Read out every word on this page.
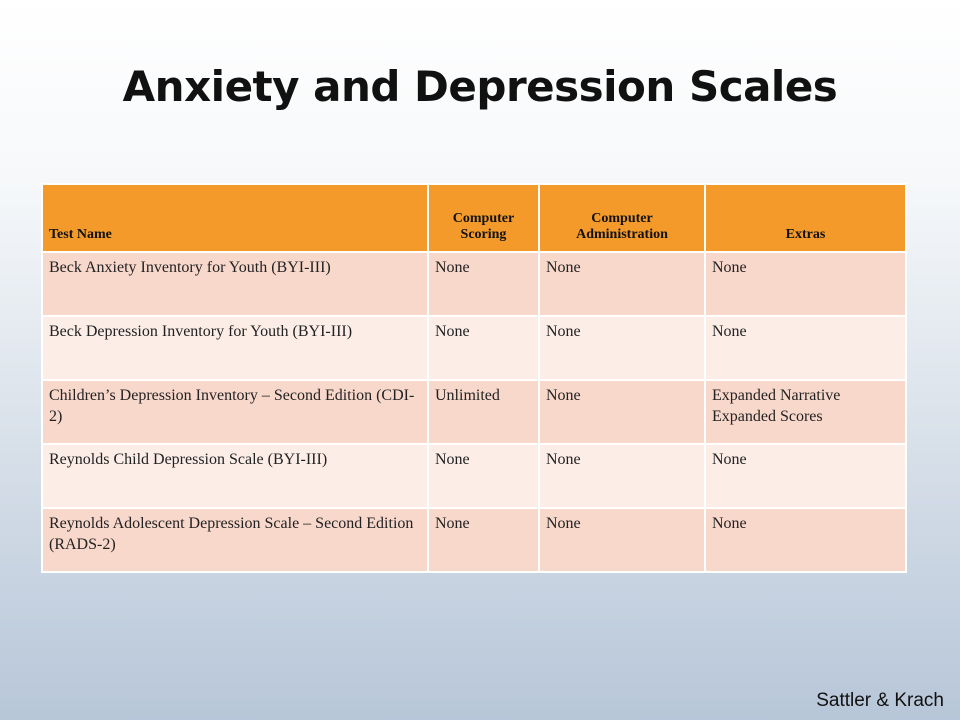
Anxiety and Depression Scales
Test Name	Computer Scoring	Computer Administration	Extras
Beck Anxiety Inventory for Youth (BYI-III)	None	None	None
Beck Depression Inventory for Youth (BYI-III)	None	None	None
Children’s Depression Inventory – Second Edition (CDI-2)	Unlimited	None	Expanded Narrative Expanded Scores
Reynolds Child Depression Scale (BYI-III)	None	None	None
Reynolds Adolescent Depression Scale – Second Edition (RADS-2)	None	None	None
Sattler & Krach
